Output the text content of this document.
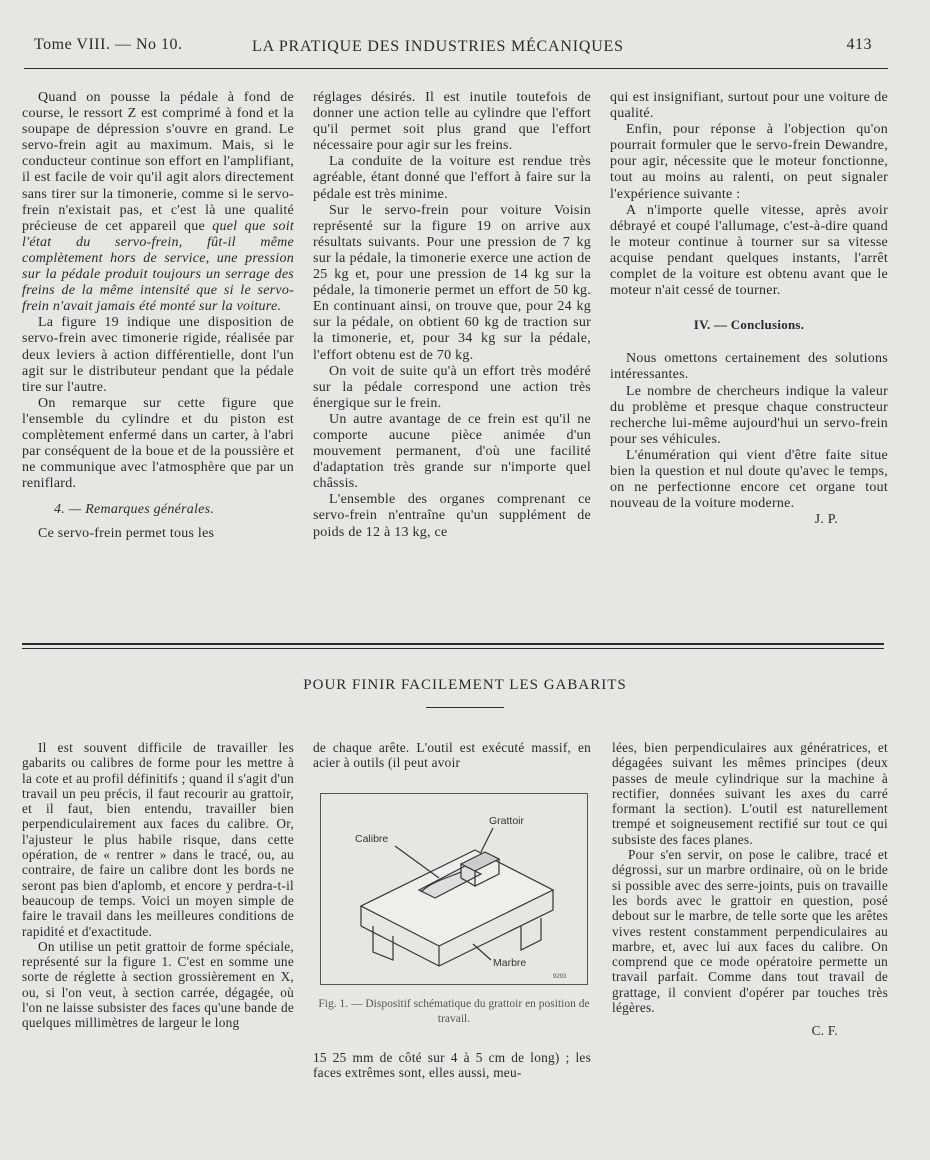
Tome VIII. — No 10.	LA PRATIQUE DES INDUSTRIES MÉCANIQUES	413

Quand on pousse la pédale à fond de course, le ressort Z est comprimé à fond et la soupape de dépression s'ouvre en grand. Le servo-frein agit au maximum. Mais, si le conducteur continue son effort en l'amplifiant, il est facile de voir qu'il agit alors directement sans tirer sur la timonerie, comme si le servo-frein n'existait pas, et c'est là une qualité précieuse de cet appareil que quel que soit l'état du servo-frein, fût-il même complètement hors de service, une pression sur la pédale produit toujours un serrage des freins de la même intensité que si le servo-frein n'avait jamais été monté sur la voiture.

La figure 19 indique une disposition de servo-frein avec timonerie rigide, réalisée par deux leviers à action différentielle, dont l'un agit sur le distributeur pendant que la pédale tire sur l'autre.

On remarque sur cette figure que l'ensemble du cylindre et du piston est complètement enfermé dans un carter, à l'abri par conséquent de la boue et de la poussière et ne communique avec l'atmosphère que par un reniflard.

4. — Remarques générales.

Ce servo-frein permet tous les

réglages désirés. Il est inutile toutefois de donner une action telle au cylindre que l'effort qu'il permet soit plus grand que l'effort nécessaire pour agir sur les freins.

La conduite de la voiture est rendue très agréable, étant donné que l'effort à faire sur la pédale est très minime.

Sur le servo-frein pour voiture Voisin représenté sur la figure 19 on arrive aux résultats suivants. Pour une pression de 7 kg sur la pédale, la timonerie exerce une action de 25 kg et, pour une pression de 14 kg sur la pédale, la timonerie permet un effort de 50 kg. En continuant ainsi, on trouve que, pour 24 kg sur la pédale, on obtient 60 kg de traction sur la timonerie, et, pour 34 kg sur la pédale, l'effort obtenu est de 70 kg.

On voit de suite qu'à un effort très modéré sur la pédale correspond une action très énergique sur le frein.

Un autre avantage de ce frein est qu'il ne comporte aucune pièce animée d'un mouvement permanent, d'où une facilité d'adaptation très grande sur n'importe quel châssis.

L'ensemble des organes comprenant ce servo-frein n'entraîne qu'un supplément de poids de 12 à 13 kg, ce

qui est insignifiant, surtout pour une voiture de qualité.

Enfin, pour réponse à l'objection qu'on pourrait formuler que le servo-frein Dewandre, pour agir, nécessite que le moteur fonctionne, tout au moins au ralenti, on peut signaler l'expérience suivante :

A n'importe quelle vitesse, après avoir débrayé et coupé l'allumage, c'est-à-dire quand le moteur continue à tourner sur sa vitesse acquise pendant quelques instants, l'arrêt complet de la voiture est obtenu avant que le moteur n'ait cessé de tourner.

IV. — Conclusions.

Nous omettons certainement des solutions intéressantes.

Le nombre de chercheurs indique la valeur du problème et presque chaque constructeur recherche lui-même aujourd'hui un servo-frein pour ses véhicules.

L'énumération qui vient d'être faite situe bien la question et nul doute qu'avec le temps, on ne perfectionne encore cet organe tout nouveau de la voiture moderne.

J. P.
POUR FINIR FACILEMENT LES GABARITS

Il est souvent difficile de travailler les gabarits ou calibres de forme pour les mettre à la cote et au profil définitifs ; quand il s'agit d'un travail un peu précis, il faut recourir au grattoir, et il faut, bien entendu, travailler bien perpendiculairement aux faces du calibre. Or, l'ajusteur le plus habile risque, dans cette opération, de « rentrer » dans le tracé, ou, au contraire, de faire un calibre dont les bords ne seront pas bien d'aplomb, et encore y perdra-t-il beaucoup de temps. Voici un moyen simple de faire le travail dans les meilleures conditions de rapidité et d'exactitude.

On utilise un petit grattoir de forme spéciale, représenté sur la figure 1. C'est en somme une sorte de réglette à section grossièrement en X, ou, si l'on veut, à section carrée, dégagée, où l'on ne laisse subsister des faces qu'une bande de quelques millimètres de largeur le long

de chaque arête. L'outil est exécuté massif, en acier à outils (il peut avoir

Grattoir
Calibre
Marbre
9293
Fig. 1. — Dispositif schématique du grattoir en position de travail.

15 25 mm de côté sur 4 à 5 cm de long) ; les faces extrêmes sont, elles aussi, meu-

lées, bien perpendiculaires aux génératrices, et dégagées suivant les mêmes principes (deux passes de meule cylindrique sur la machine à rectifier, données suivant les axes du carré formant la section). L'outil est naturellement trempé et soigneusement rectifié sur tout ce qui subsiste des faces planes.

Pour s'en servir, on pose le calibre, tracé et dégrossi, sur un marbre ordinaire, où on le bride si possible avec des serre-joints, puis on travaille les bords avec le grattoir en question, posé debout sur le marbre, de telle sorte que les arêtes vives restent constamment perpendiculaires au marbre, et, avec lui aux faces du calibre. On comprend que ce mode opératoire permette un travail parfait. Comme dans tout travail de grattage, il convient d'opérer par touches très légères.

C. F.
